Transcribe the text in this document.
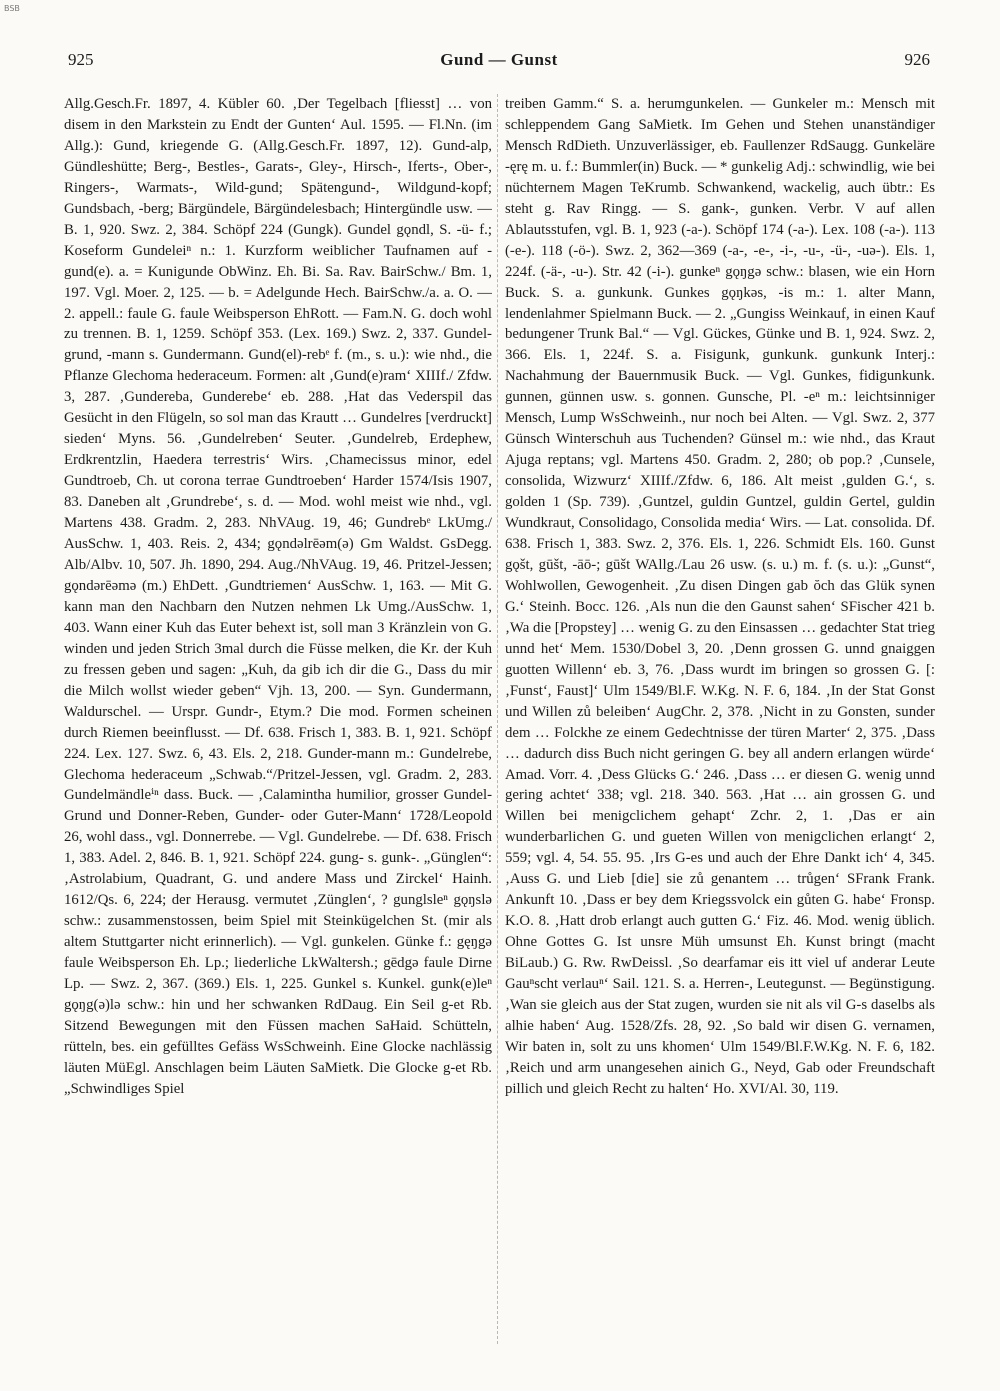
BSB
925	Gund — Gunst	926

Allg.Gesch.Fr. 1897, 4. Kübler 60. ‚Der Tegelbach [fliesst] … von disem in den Markstein zu Endt der Gunten‘ Aul. 1595. — Fl.Nn. (im Allg.): Gund, kriegende G. (Allg.Gesch.Fr. 1897, 12). Gund-alp, Gündleshütte; Berg-, Bestles-, Garats-, Gley-, Hirsch-, Iferts-, Ober-, Ringers-, Warmats-, Wild-gund; Spätengund-, Wildgund-kopf; Gundsbach, -berg; Bärgündele, Bärgündelesbach; Hintergündle usw. — B. 1, 920. Swz. 2, 384. Schöpf 224 (Gungk). Gundel gǫndl, S. -ü- f.; Koseform Gundeleiⁿ n.: 1. Kurzform weiblicher Taufnamen auf -gund(e). a. = Kunigunde ObWinz. Eh. Bi. Sa. Rav. BairSchw./ Bm. 1, 197. Vgl. Moer. 2, 125. — b. = Adelgunde Hech. BairSchw./a. a. O. — 2. appell.: faule G. faule Weibsperson EhRott. — Fam.N. G. doch wohl zu trennen. B. 1, 1259. Schöpf 353. (Lex. 169.) Swz. 2, 337. Gundel-grund, -mann s. Gundermann. Gund(el)-rebᵉ f. (m., s. u.): wie nhd., die Pflanze Glechoma hederaceum. Formen: alt ‚Gund(e)ram‘ XIIIf./ Zfdw. 3, 287. ‚Gundereba, Gunderebe‘ eb. 288. ‚Hat das Vederspil das Gesücht in den Flügeln, so sol man das Krautt … Gundelres [verdruckt] sieden‘ Myns. 56. ‚Gundelreben‘ Seuter. ‚Gundelreb, Erdephew, Erdkrentzlin, Haedera terrestris‘ Wirs. ‚Chamecissus minor, edel Gundtroeb, Ch. ut corona terrae Gundtroeben‘ Harder 1574/Isis 1907, 83. Daneben alt ‚Grundrebe‘, s. d. — Mod. wohl meist wie nhd., vgl. Martens 438. Gradm. 2, 283. NhVAug. 19, 46; Gundrebᵉ LkUmg./ AusSchw. 1, 403. Reis. 2, 434; gǫndəlrēəm(ə) Gm Waldst. GsDegg. Alb/Albv. 10, 507. Jh. 1890, 294. Aug./NhVAug. 19, 46. Pritzel-Jessen; gǫndərēəmə (m.) EhDett. ‚Gundtriemen‘ AusSchw. 1, 163. — Mit G. kann man den Nachbarn den Nutzen nehmen Lk Umg./AusSchw. 1, 403. Wann einer Kuh das Euter behext ist, soll man 3 Kränzlein von G. winden und jeden Strich 3mal durch die Füsse melken, die Kr. der Kuh zu fressen geben und sagen: „Kuh, da gib ich dir die G., Dass du mir die Milch wollst wieder geben“ Vjh. 13, 200. — Syn. Gundermann, Waldurschel. — Urspr. Gundr-, Etym.? Die mod. Formen scheinen durch Riemen beeinflusst. — Df. 638. Frisch 1, 383. B. 1, 921. Schöpf 224. Lex. 127. Swz. 6, 43. Els. 2, 218. Gunder-mann m.: Gundelrebe, Glechoma hederaceum „Schwab.“/Pritzel-Jessen, vgl. Gradm. 2, 283. Gundelmändleⁱⁿ dass. Buck. — ‚Calamintha humilior, grosser Gundel-Grund und Donner-Reben, Gunder- oder Guter-Mann‘ 1728/Leopold 26, wohl dass., vgl. Donnerrebe. — Vgl. Gundelrebe. — Df. 638. Frisch 1, 383. Adel. 2, 846. B. 1, 921. Schöpf 224. gung- s. gunk-. „Günglen“: ‚Astrolabium, Quadrant, G. und andere Mass und Zirckel‘ Hainh. 1612/Qs. 6, 224; der Herausg. vermutet ‚Zünglen‘, ? gunglsleⁿ gǫŋslə schw.: zusammenstossen, beim Spiel mit Steinkügelchen St. (mir als altem Stuttgarter nicht erinnerlich). — Vgl. gunkelen. Günke f.: gęŋgə faule Weibsperson Eh. Lp.; liederliche LkWaltersh.; gēdgə faule Dirne Lp. — Swz. 2, 367. (369.) Els. 1, 225. Gunkel s. Kunkel. gunk(e)leⁿ gǫŋg(ə)lə schw.: hin und her schwanken RdDaug. Ein Seil g-et Rb. Sitzend Bewegungen mit den Füssen machen SaHaid. Schütteln, rütteln, bes. ein gefülltes Gefäss WsSchweinh. Eine Glocke nachlässig läuten MüEgl. Anschlagen beim Läuten SaMietk. Die Glocke g-et Rb. „Schwindliges Spiel

treiben Gamm.“ S. a. herumgunkelen. — Gunkeler m.: Mensch mit schleppendem Gang SaMietk. Im Gehen und Stehen unanständiger Mensch RdDieth. Unzuverlässiger, eb. Faullenzer RdSaugg. Gunkeläre -ęrę m. u. f.: Bummler(in) Buck. — * gunkelig Adj.: schwindlig, wie bei nüchternem Magen TeKrumb. Schwankend, wackelig, auch übtr.: Es steht g. Rav Ringg. — S. gank-, gunken. Verbr. V auf allen Ablautsstufen, vgl. B. 1, 923 (-a-). Schöpf 174 (-a-). Lex. 108 (-a-). 113 (-e-). 118 (-ö-). Swz. 2, 362—369 (-a-, -e-, -i-, -u-, -ü-, -uə-). Els. 1, 224f. (-ä-, -u-). Str. 42 (-i-). gunkeⁿ gǫŋgə schw.: blasen, wie ein Horn Buck. S. a. gunkunk. Gunkes gǫŋkəs, -is m.: 1. alter Mann, lendenlahmer Spielmann Buck. — 2. „Gungiss Weinkauf, in einen Kauf bedungener Trunk Bal.“ — Vgl. Gückes, Günke und B. 1, 924. Swz. 2, 366. Els. 1, 224f. S. a. Fisigunk, gunkunk. gunkunk Interj.: Nachahmung der Bauernmusik Buck. — Vgl. Gunkes, fidigunkunk. gunnen, günnen usw. s. gonnen. Gunsche, Pl. -eⁿ m.: leichtsinniger Mensch, Lump WsSchweinh., nur noch bei Alten. — Vgl. Swz. 2, 377 Günsch Winterschuh aus Tuchenden? Günsel m.: wie nhd., das Kraut Ajuga reptans; vgl. Martens 450. Gradm. 2, 280; ob pop.? ‚Cunsele, consolida, Wizwurz‘ XIIIf./Zfdw. 6, 186. Alt meist ‚gulden G.‘, s. golden 1 (Sp. 739). ‚Guntzel, guldin Guntzel, guldin Gertel, guldin Wundkraut, Consolidago, Consolida media‘ Wirs. — Lat. consolida. Df. 638. Frisch 1, 383. Swz. 2, 376. Els. 1, 226. Schmidt Els. 160. Gunst gǫšt, gūšt, -āō-; gūšt WAllg./Lau 26 usw. (s. u.) m. f. (s. u.): „Gunst“, Wohlwollen, Gewogenheit. ‚Zu disen Dingen gab ŏch das Glük synen G.‘ Steinh. Bocc. 126. ‚Als nun die den Gaunst sahen‘ SFischer 421 b. ‚Wa die [Propstey] … wenig G. zu den Einsassen … gedachter Stat trieg unnd het‘ Mem. 1530/Dobel 3, 20. ‚Denn grossen G. unnd gnaiggen guotten Willenn‘ eb. 3, 76. ‚Dass wurdt im bringen so grossen G. [: ‚Funst‘, Faust]‘ Ulm 1549/Bl.F. W.Kg. N. F. 6, 184. ‚In der Stat Gonst und Willen zů beleiben‘ AugChr. 2, 378. ‚Nicht in zu Gonsten, sunder dem … Folckhe ze einem Gedechtnisse der türen Marter‘ 2, 375. ‚Dass … dadurch diss Buch nicht geringen G. bey all andern erlangen würde‘ Amad. Vorr. 4. ‚Dess Glücks G.‘ 246. ‚Dass … er diesen G. wenig unnd gering achtet‘ 338; vgl. 218. 340. 563. ‚Hat … ain grossen G. und Willen bei menigclichem gehapt‘ Zchr. 2, 1. ‚Das er ain wunderbarlichen G. und gueten Willen von menigclichen erlangt‘ 2, 559; vgl. 4, 54. 55. 95. ‚Irs G-es und auch der Ehre Dankt ich‘ 4, 345. ‚Auss G. und Lieb [die] sie zů genantem … trůgen‘ SFrank Frank. Ankunft 10. ‚Dass er bey dem Kriegssvolck ein gůten G. habe‘ Fronsp. K.O. 8. ‚Hatt drob erlangt auch gutten G.‘ Fiz. 46. Mod. wenig üblich. Ohne Gottes G. Ist unsre Müh umsunst Eh. Kunst bringt (macht BiLaub.) G. Rw. RwDeissl. ‚So dearfamar eis itt viel uf anderar Leute Gauⁿscht verlauⁿ‘ Sail. 121. S. a. Herren-, Leutegunst. — Begünstigung. ‚Wan sie gleich aus der Stat zugen, wurden sie nit als vil G-s daselbs als alhie haben‘ Aug. 1528/Zfs. 28, 92. ‚So bald wir disen G. vernamen, Wir baten in, solt zu uns khomen‘ Ulm 1549/Bl.F.W.Kg. N. F. 6, 182. ‚Reich und arm unangesehen ainich G., Neyd, Gab oder Freundschaft pillich und gleich Recht zu halten‘ Ho. XVI/Al. 30, 119.
